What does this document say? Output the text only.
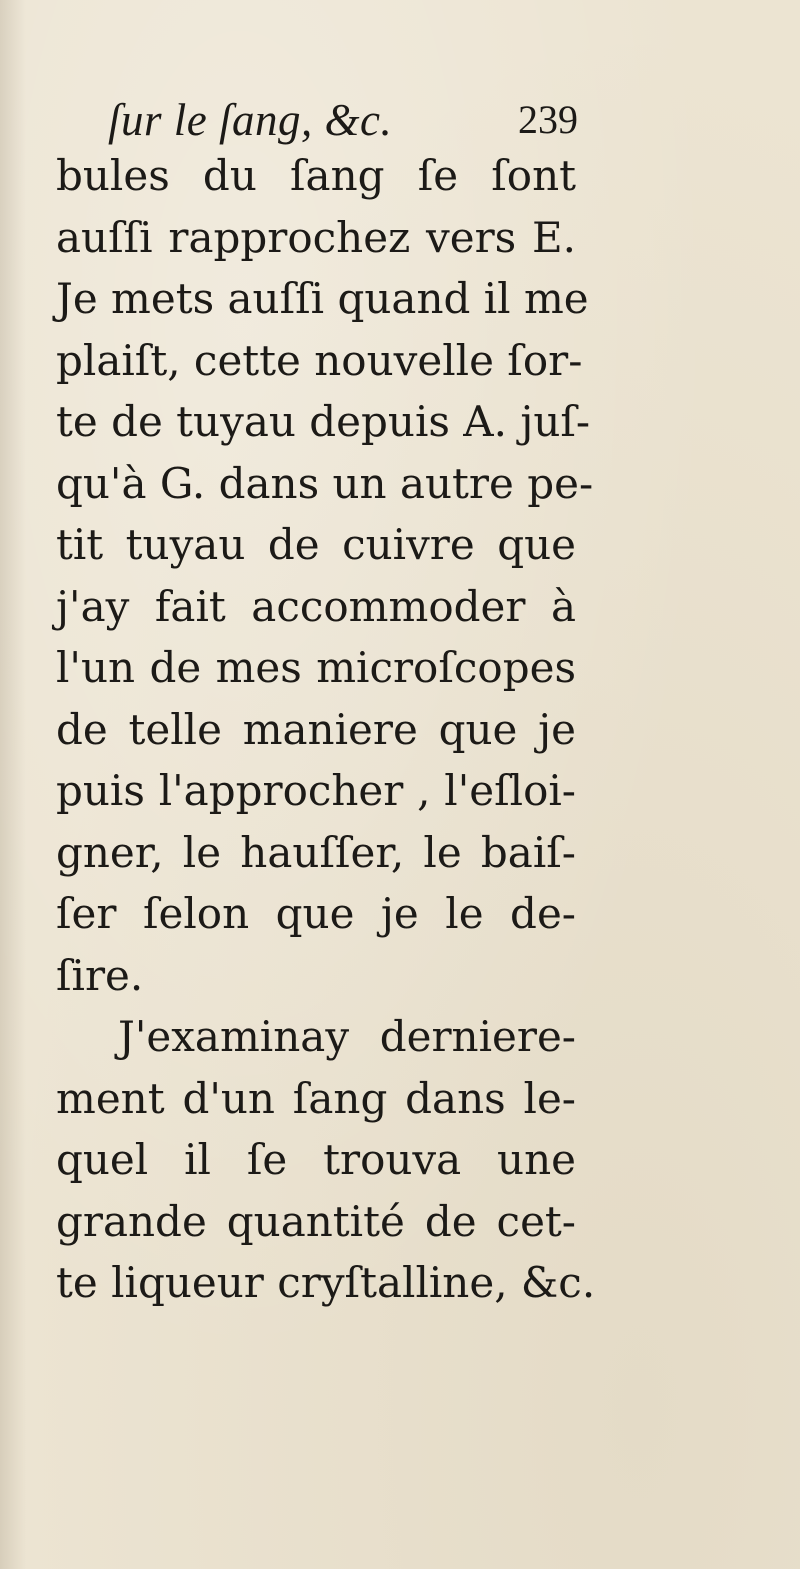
ſur le ſang, &c.	239
bules du ſang ſe ſont
auſſi rapprochez vers E.
Je mets auſſi quand il me
plaiſt, cette nouvelle ſor-
te de tuyau depuis A. juſ-
qu'à G. dans un autre pe-
tit tuyau de cuivre que
j'ay fait accommoder à
l'un de mes microſcopes
de telle maniere que je
puis l'approcher , l'eſloi-
gner, le hauſſer, le baiſ-
ſer ſelon que je le de-
ſire.
J'examinay derniere-
ment d'un ſang dans le-
quel il ſe trouva une
grande quantité de cet-
te liqueur cryſtalline, &c.
